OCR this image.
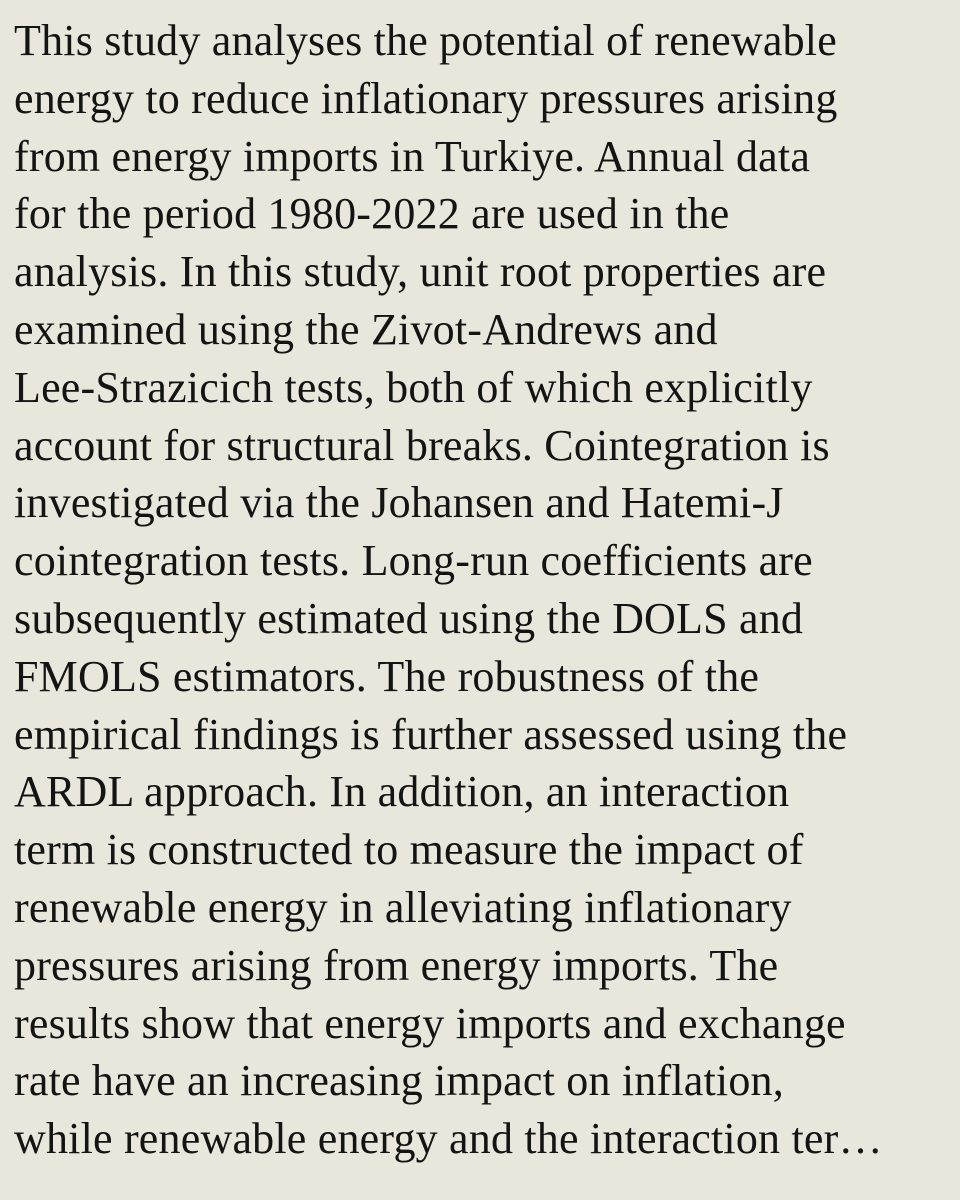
This study analyses the potential of renewable
energy to reduce inflationary pressures arising
from energy imports in Turkiye. Annual data
for the period 1980-2022 are used in the
analysis. In this study, unit root properties are
examined using the Zivot-Andrews and
Lee-Strazicich tests, both of which explicitly
account for structural breaks. Cointegration is
investigated via the Johansen and Hatemi-J
cointegration tests. Long-run coefficients are
subsequently estimated using the DOLS and
FMOLS estimators. The robustness of the
empirical findings is further assessed using the
ARDL approach. In addition, an interaction
term is constructed to measure the impact of
renewable energy in alleviating inflationary
pressures arising from energy imports. The
results show that energy imports and exchange
rate have an increasing impact on inflation,
while renewable energy and the interaction ter…
